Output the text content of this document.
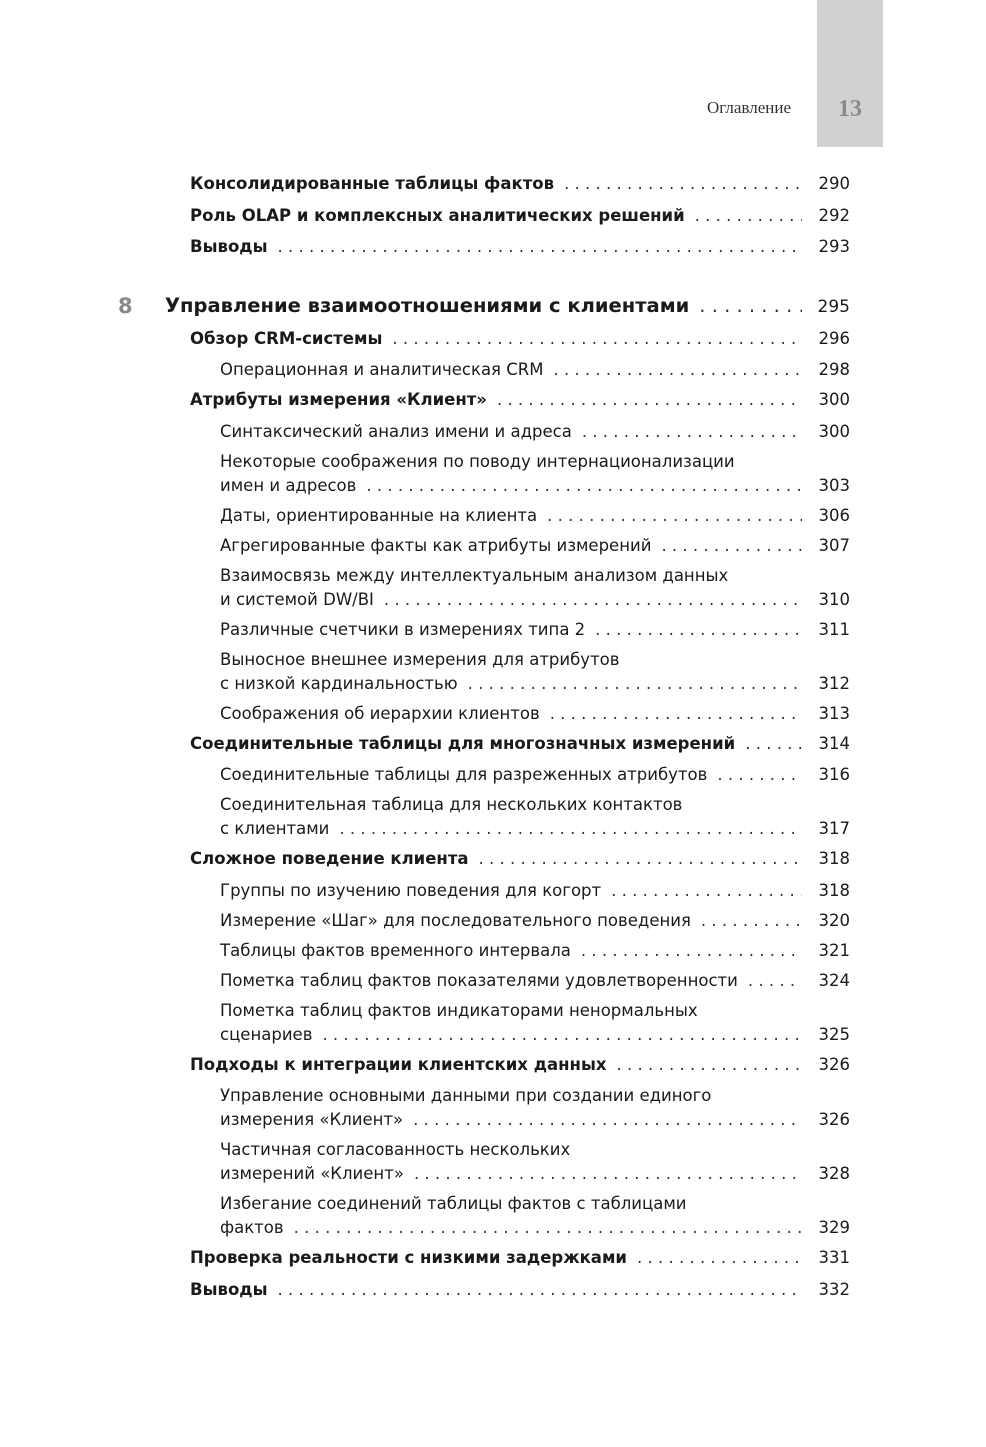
13
Оглавление
Консолидированные таблицы фактов . . .	290
Роль OLAP и комплексных аналитических решений . . .	292
Выводы . . .	293
8 Управление взаимоотношениями с клиентами . . .	295
Обзор CRM-системы . . .	296
Операционная и аналитическая CRM . . .	298
Атрибуты измерения «Клиент» . . .	300
Синтаксический анализ имени и адреса . . .	300
Некоторые соображения по поводу интернационализации
имен и адресов . . .	303
Даты, ориентированные на клиента . . .	306
Агрегированные факты как атрибуты измерений . . .	307
Взаимосвязь между интеллектуальным анализом данных
и системой DW/BI . . .	310
Различные счетчики в измерениях типа 2 . . .	311
Выносное внешнее измерения для атрибутов
с низкой кардинальностью . . .	312
Соображения об иерархии клиентов . . .	313
Соединительные таблицы для многозначных измерений . . .	314
Соединительные таблицы для разреженных атрибутов . . .	316
Соединительная таблица для нескольких контактов
с клиентами . . .	317
Сложное поведение клиента . . .	318
Группы по изучению поведения для когорт . . .	318
Измерение «Шаг» для последовательного поведения . . .	320
Таблицы фактов временного интервала . . .	321
Пометка таблиц фактов показателями удовлетворенности . . .	324
Пометка таблиц фактов индикаторами ненормальных
сценариев . . .	325
Подходы к интеграции клиентских данных . . .	326
Управление основными данными при создании единого
измерения «Клиент» . . .	326
Частичная согласованность нескольких
измерений «Клиент» . . .	328
Избегание соединений таблицы фактов с таблицами
фактов . . .	329
Проверка реальности с низкими задержками . . .	331
Выводы . . .	332
